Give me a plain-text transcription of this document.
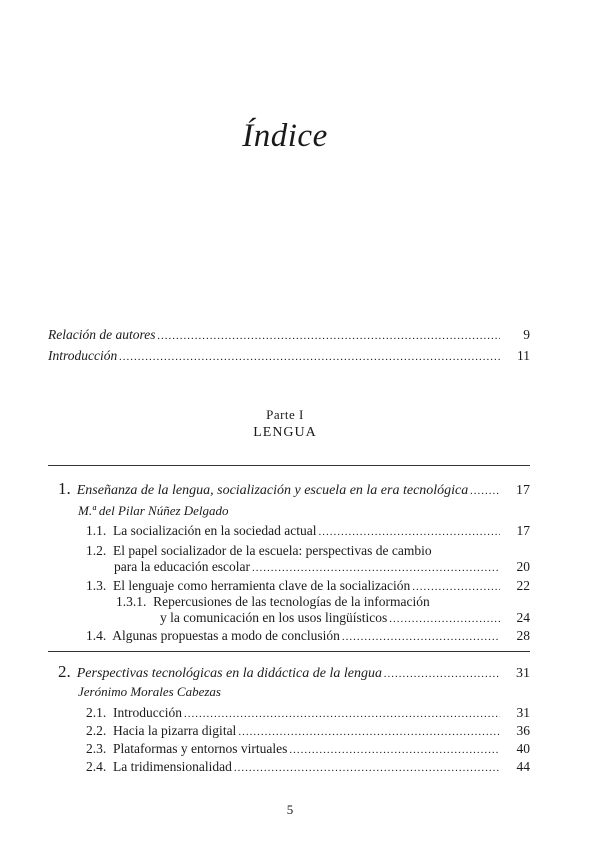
Índice
Relación de autores .....	9
Introducción .....	11
Parte I
LENGUA
1. Enseñanza de la lengua, socialización y escuela en la era tecnológica .....	17
M.ª del Pilar Núñez Delgado
1.1. La socialización en la sociedad actual .....	17
1.2. El papel socializador de la escuela: perspectivas de cambio
para la educación escolar .....	20
1.3. El lenguaje como herramienta clave de la socialización .....	22
1.3.1. Repercusiones de las tecnologías de la información
y la comunicación en los usos lingüísticos .....	24
1.4. Algunas propuestas a modo de conclusión .....	28
2. Perspectivas tecnológicas en la didáctica de la lengua .....	31
Jerónimo Morales Cabezas
2.1. Introducción .....	31
2.2. Hacia la pizarra digital .....	36
2.3. Plataformas y entornos virtuales .....	40
2.4. La tridimensionalidad .....	44
5
